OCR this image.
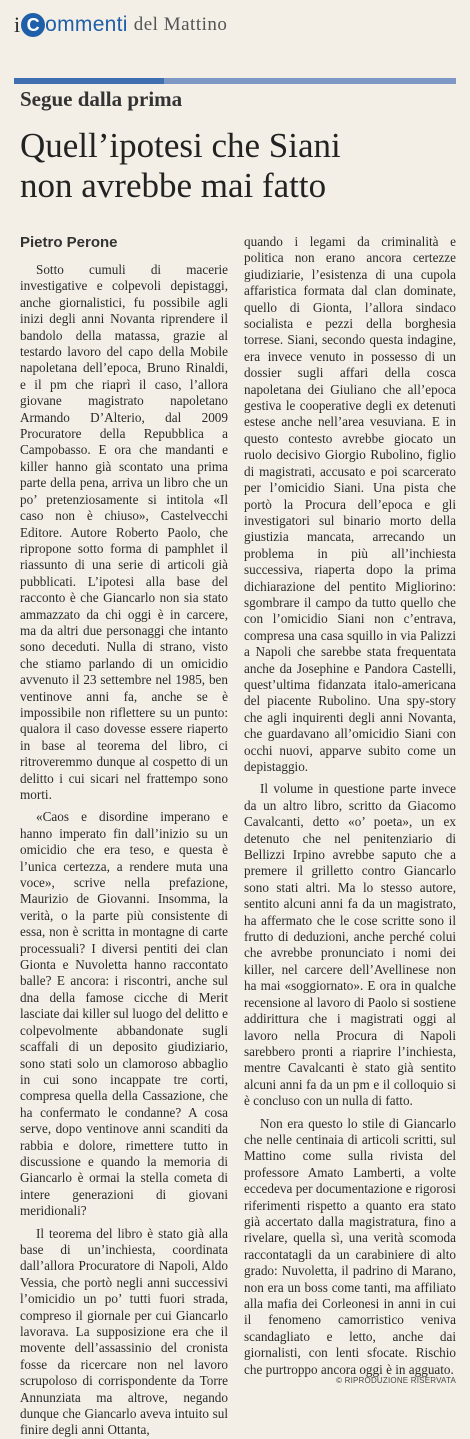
i C ommenti del Mattino
Segue dalla prima
Quell’ipotesi che Siani
non avrebbe mai fatto
Pietro Perone

Sotto cumuli di macerie investigative e colpevoli depistaggi, anche giornalistici, fu possibile agli inizi degli anni Novanta riprendere il bandolo della matassa, grazie al testardo lavoro del capo della Mobile napoletana dell’epoca, Bruno Rinaldi, e il pm che riaprì il caso, l’allora giovane magistrato napoletano Armando D’Alterio, dal 2009 Procuratore della Repubblica a Campobasso. E ora che mandanti e killer hanno già scontato una prima parte della pena, arriva un libro che un po’ pretenziosamente si intitola «Il caso non è chiuso», Castelvecchi Editore. Autore Roberto Paolo, che ripropone sotto forma di pamphlet il riassunto di una serie di articoli già pubblicati. L’ipotesi alla base del racconto è che Giancarlo non sia stato ammazzato da chi oggi è in carcere, ma da altri due personaggi che intanto sono deceduti. Nulla di strano, visto che stiamo parlando di un omicidio avvenuto il 23 settembre nel 1985, ben ventinove anni fa, anche se è impossibile non riflettere su un punto: qualora il caso dovesse essere riaperto in base al teorema del libro, ci ritroveremmo dunque al cospetto di un delitto i cui sicari nel frattempo sono morti.

«Caos e disordine imperano e hanno imperato fin dall’inizio su un omicidio che era teso, e questa è l’unica certezza, a rendere muta una voce», scrive nella prefazione, Maurizio de Giovanni. Insomma, la verità, o la parte più consistente di essa, non è scritta in montagne di carte processuali? I diversi pentiti dei clan Gionta e Nuvoletta hanno raccontato balle? E ancora: i riscontri, anche sul dna della famose cicche di Merit lasciate dai killer sul luogo del delitto e colpevolmente abbandonate sugli scaffali di un deposito giudiziario, sono stati solo un clamoroso abbaglio in cui sono incappate tre corti, compresa quella della Cassazione, che ha confermato le condanne? A cosa serve, dopo ventinove anni scanditi da rabbia e dolore, rimettere tutto in discussione e quando la memoria di Giancarlo è ormai la stella cometa di intere generazioni di giovani meridionali?

Il teorema del libro è stato già alla base di un’inchiesta, coordinata dall’allora Procuratore di Napoli, Aldo Vessia, che portò negli anni successivi l’omicidio un po’ tutti fuori strada, compreso il giornale per cui Giancarlo lavorava. La supposizione era che il movente dell’assassinio del cronista fosse da ricercare non nel lavoro scrupoloso di corrispondente da Torre Annunziata ma altrove, negando dunque che Giancarlo aveva intuito sul finire degli anni Ottanta,

quando i legami da criminalità e politica non erano ancora certezze giudiziarie, l’esistenza di una cupola affaristica formata dal clan dominate, quello di Gionta, l’allora sindaco socialista e pezzi della borghesia torrese. Siani, secondo questa indagine, era invece venuto in possesso di un dossier sugli affari della cosca napoletana dei Giuliano che all’epoca gestiva le cooperative degli ex detenuti estese anche nell’area vesuviana. E in questo contesto avrebbe giocato un ruolo decisivo Giorgio Rubolino, figlio di magistrati, accusato e poi scarcerato per l’omicidio Siani. Una pista che portò la Procura dell’epoca e gli investigatori sul binario morto della giustizia mancata, arrecando un problema in più all’inchiesta successiva, riaperta dopo la prima dichiarazione del pentito Migliorino: sgombrare il campo da tutto quello che con l’omicidio Siani non c’entrava, compresa una casa squillo in via Palizzi a Napoli che sarebbe stata frequentata anche da Josephine e Pandora Castelli, quest’ultima fidanzata italo-americana del piacente Rubolino. Una spy-story che agli inquirenti degli anni Novanta, che guardavano all’omicidio Siani con occhi nuovi, apparve subito come un depistaggio.

Il volume in questione parte invece da un altro libro, scritto da Giacomo Cavalcanti, detto «o’ poeta», un ex detenuto che nel penitenziario di Bellizzi Irpino avrebbe saputo che a premere il grilletto contro Giancarlo sono stati altri. Ma lo stesso autore, sentito alcuni anni fa da un magistrato, ha affermato che le cose scritte sono il frutto di deduzioni, anche perché colui che avrebbe pronunciato i nomi dei killer, nel carcere dell’Avellinese non ha mai «soggiornato». E ora in qualche recensione al lavoro di Paolo si sostiene addirittura che i magistrati oggi al lavoro nella Procura di Napoli sarebbero pronti a riaprire l’inchiesta, mentre Cavalcanti è stato già sentito alcuni anni fa da un pm e il colloquio si è concluso con un nulla di fatto.

Non era questo lo stile di Giancarlo che nelle centinaia di articoli scritti, sul Mattino come sulla rivista del professore Amato Lamberti, a volte eccedeva per documentazione e rigorosi riferimenti rispetto a quanto era stato già accertato dalla magistratura, fino a rivelare, quella sì, una verità scomoda raccontatagli da un carabiniere di alto grado: Nuvoletta, il padrino di Marano, non era un boss come tanti, ma affiliato alla mafia dei Corleonesi in anni in cui il fenomeno camorristico veniva scandagliato e letto, anche dai giornalisti, con lenti sfocate. Rischio che purtroppo ancora oggi è in agguato.

© RIPRODUZIONE RISERVATA
